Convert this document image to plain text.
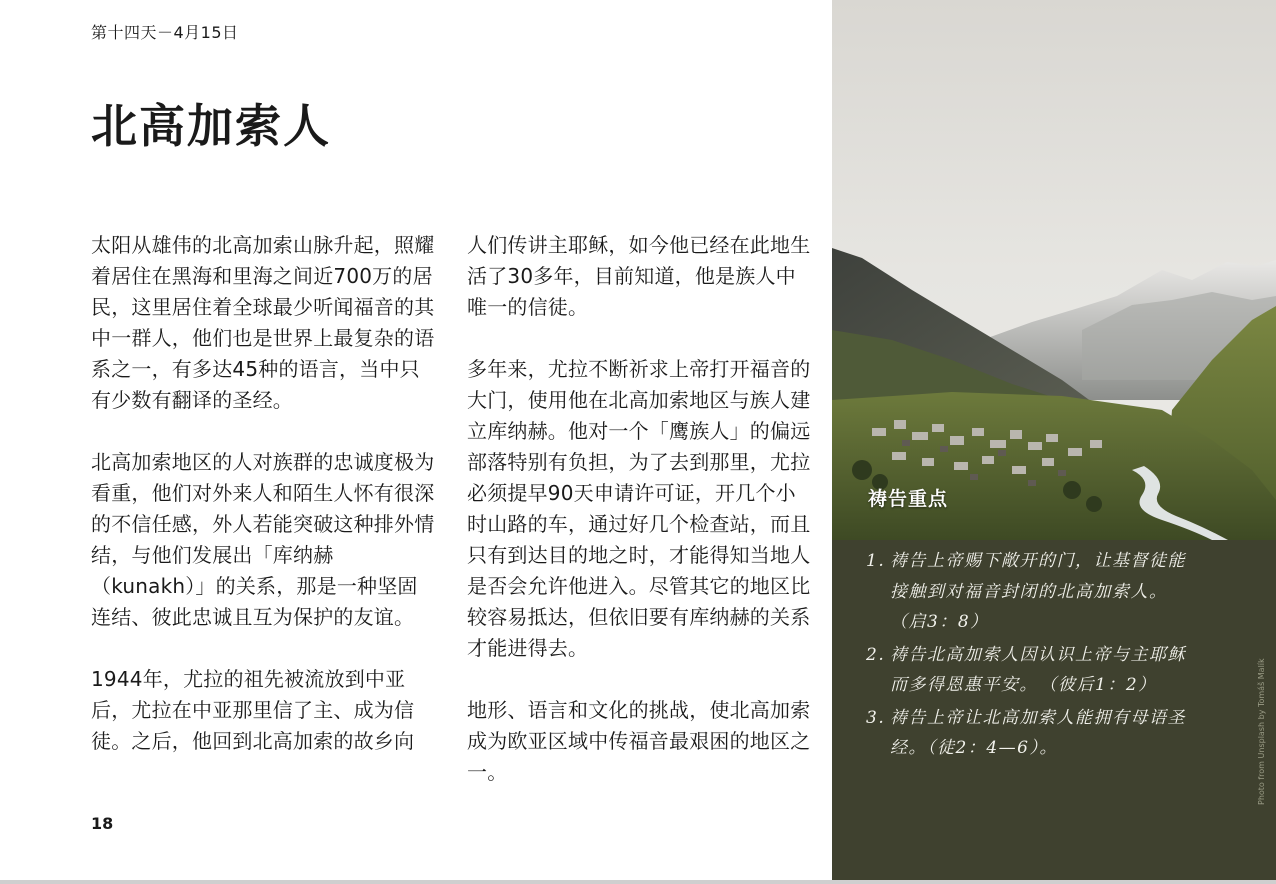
第十四天－4月15日
北高加索人

太阳从雄伟的北高加索山脉升起，照耀着居住在黑海和里海之间近700万的居民，这里居住着全球最少听闻福音的其中一群人，他们也是世界上最复杂的语系之一，有多达45种的语言，当中只有少数有翻译的圣经。

北高加索地区的人对族群的忠诚度极为看重，他们对外来人和陌生人怀有很深的不信任感，外人若能突破这种排外情结，与他们发展出「库纳赫（kunakh）」的关系，那是一种坚固连结、彼此忠诚且互为保护的友谊。

1944年，尤拉的祖先被流放到中亚后，尤拉在中亚那里信了主、成为信徒。之后，他回到北高加索的故乡向

人们传讲主耶稣，如今他已经在此地生活了30多年，目前知道，他是族人中唯一的信徒。

多年来，尤拉不断祈求上帝打开福音的大门，使用他在北高加索地区与族人建立库纳赫。他对一个「鹰族人」的偏远部落特别有负担，为了去到那里，尤拉必须提早90天申请许可证，开几个小时山路的车，通过好几个检查站，而且只有到达目的地之时，才能得知当地人是否会允许他进入。尽管其它的地区比较容易抵达，但依旧要有库纳赫的关系才能进得去。

地形、语言和文化的挑战，使北高加索成为欧亚区域中传福音最艰困的地区之一。

18
祷告重点
1. 祷告上帝赐下敞开的门，让基督徒能接触到对福音封闭的北高加索人。　（启3：8）
2. 祷告北高加索人因认识上帝与主耶稣而多得恩惠平安。　（彼后1：2）
3. 祷告上帝让北高加索人能拥有母语圣经。（徒2：4—6）。	Photo from Unsplash by Tomáš Malík
